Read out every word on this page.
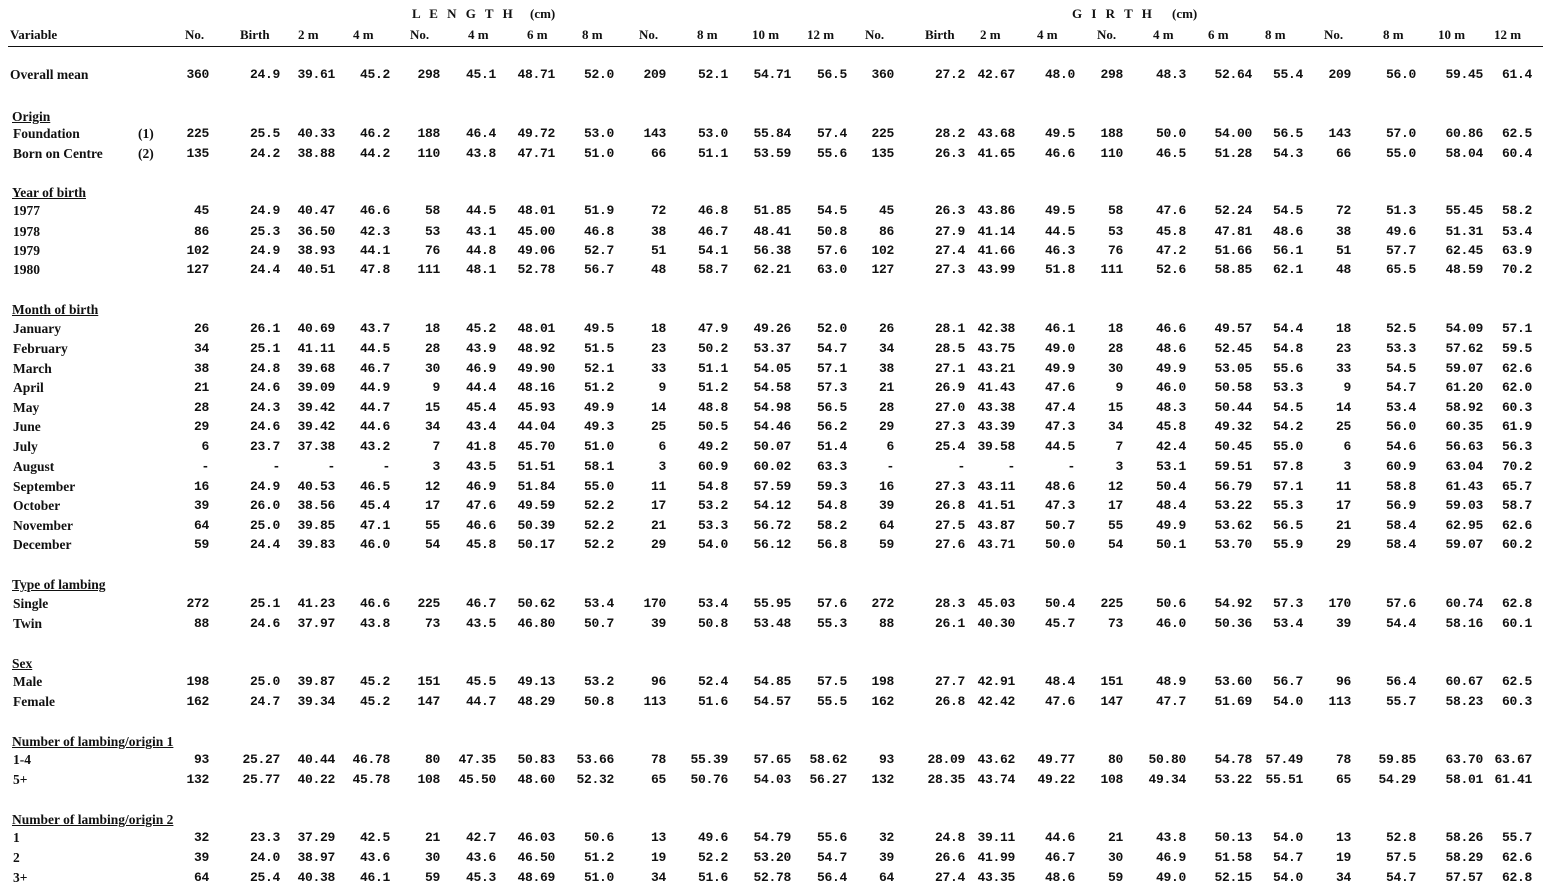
L E N G T H (cm)	G I R T H (cm)
Variable	No.	Birth 2 m	4 m	No.	4 m	6 m	8 m	No.	8 m	10 m 12 m No.	Birth 2 m	4 m	No.	4 m	6 m	8 m	No.	8 m	10 m 12 m
Overall mean	360	24.9	39.61	45.2	298	45.1	48.71	52.0	209	52.1	54.71	56.5	360	27.2 42.67	48.0	298	48.3	52.64	55.4	209	56.0	59.45	61.4
Origin
Foundation	(1)	225	25.5	40.33	46.2	188	46.4	49.72	53.0	143	53.0	55.84	57.4	225	28.2 43.68	49.5	188	50.0	54.00	56.5	143	57.0	60.86	62.5
Born on Centre	(2)	135	24.2	38.88	44.2	110	43.8	47.71	51.0	66	51.1	53.59	55.6	135	26.3 41.65	46.6	110	46.5	51.28	54.3	66	55.0	58.04	60.4
Year of birth
1977	45	24.9	40.47	46.6	58	44.5	48.01	51.9	72	46.8	51.85	54.5	45	26.3 43.86	49.5	58	47.6	52.24	54.5	72	51.3	55.45	58.2
1978	86	25.3	36.50	42.3	53	43.1	45.00	46.8	38	46.7	48.41	50.8	86	27.9 41.14	44.5	53	45.8	47.81	48.6	38	49.6	51.31	53.4
1979	102	24.9	38.93	44.1	76	44.8	49.06	52.7	51	54.1	56.38	57.6	102	27.4 41.66	46.3	76	47.2	51.66	56.1	51	57.7	62.45	63.9
1980	127	24.4	40.51	47.8	111	48.1	52.78	56.7	48	58.7	62.21	63.0	127	27.3 43.99	51.8	111	52.6	58.85	62.1	48	65.5	48.59	70.2
Month of birth
January	26	26.1	40.69	43.7	18	45.2	48.01	49.5	18	47.9	49.26	52.0	26	28.1 42.38	46.1	18	46.6	49.57	54.4	18	52.5	54.09	57.1
February	34	25.1	41.11	44.5	28	43.9	48.92	51.5	23	50.2	53.37	54.7	34	28.5 43.75	49.0	28	48.6	52.45	54.8	23	53.3	57.62	59.5
March	38	24.8	39.68	46.7	30	46.9	49.90	52.1	33	51.1	54.05	57.1	38	27.1 43.21	49.9	30	49.9	53.05	55.6	33	54.5	59.07	62.6
April	21	24.6	39.09	44.9	9	44.4	48.16	51.2	9	51.2	54.58	57.3	21	26.9 41.43	47.6	9	46.0	50.58	53.3	9	54.7	61.20	62.0
May	28	24.3	39.42	44.7	15	45.4	45.93	49.9	14	48.8	54.98	56.5	28	27.0 43.38	47.4	15	48.3	50.44	54.5	14	53.4	58.92	60.3
June	29	24.6	39.42	44.6	34	43.4	44.04	49.3	25	50.5	54.46	56.2	29	27.3 43.39	47.3	34	45.8	49.32	54.2	25	56.0	60.35	61.9
July	6	23.7	37.38	43.2	7	41.8	45.70	51.0	6	49.2	50.07	51.4	6	25.4 39.58	44.5	7	42.4	50.45	55.0	6	54.6	56.63	56.3
August	-	-	-	-	3	43.5	51.51	58.1	3	60.9	60.02	63.3	-	-	-	-	3	53.1	59.51	57.8	3	60.9	63.04	70.2
September	16	24.9	40.53	46.5	12	46.9	51.84	55.0	11	54.8	57.59	59.3	16	27.3 43.11	48.6	12	50.4	56.79	57.1	11	58.8	61.43	65.7
October	39	26.0	38.56	45.4	17	47.6	49.59	52.2	17	53.2	54.12	54.8	39	26.8 41.51	47.3	17	48.4	53.22	55.3	17	56.9	59.03	58.7
November	64	25.0	39.85	47.1	55	46.6	50.39	52.2	21	53.3	56.72	58.2	64	27.5 43.87	50.7	55	49.9	53.62	56.5	21	58.4	62.95	62.6
December	59	24.4	39.83	46.0	54	45.8	50.17	52.2	29	54.0	56.12	56.8	59	27.6 43.71	50.0	54	50.1	53.70	55.9	29	58.4	59.07	60.2
Type of lambing
Single	272	25.1	41.23	46.6	225	46.7	50.62	53.4	170	53.4	55.95	57.6	272	28.3 45.03	50.4	225	50.6	54.92	57.3	170	57.6	60.74	62.8
Twin	88	24.6	37.97	43.8	73	43.5	46.80	50.7	39	50.8	53.48	55.3	88	26.1 40.30	45.7	73	46.0	50.36	53.4	39	54.4	58.16	60.1
Sex
Male	198	25.0	39.87	45.2	151	45.5	49.13	53.2	96	52.4	54.85	57.5	198	27.7 42.91	48.4	151	48.9	53.60	56.7	96	56.4	60.67	62.5
Female	162	24.7	39.34	45.2	147	44.7	48.29	50.8	113	51.6	54.57	55.5	162	26.8 42.42	47.6	147	47.7	51.69	54.0	113	55.7	58.23	60.3
Number of lambing/origin 1
1-4	93	25.27	40.44	46.78	80	47.35	50.83	53.66	78	55.39	57.65	58.62	93	28.09 43.62	49.77	80	50.80	54.78	57.49	78	59.85	63.70 63.67
5+	132	25.77	40.22	45.78	108	45.50	48.60	52.32	65	50.76	54.03	56.27	132	28.35 43.74	49.22	108	49.34	53.22	55.51	65	54.29	58.01 61.41
Number of lambing/origin 2
1	32	23.3	37.29	42.5	21	42.7	46.03	50.6	13	49.6	54.79	55.6	32	24.8 39.11	44.6	21	43.8	50.13	54.0	13	52.8	58.26	55.7
2	39	24.0	38.97	43.6	30	43.6	46.50	51.2	19	52.2	53.20	54.7	39	26.6 41.99	46.7	30	46.9	51.58	54.7	19	57.5	58.29	62.6
3+	64	25.4	40.38	46.1	59	45.3	48.69	51.0	34	51.6	52.78	56.4	64	27.4 43.35	48.6	59	49.0	52.15	54.0	34	54.7	57.57	62.8
